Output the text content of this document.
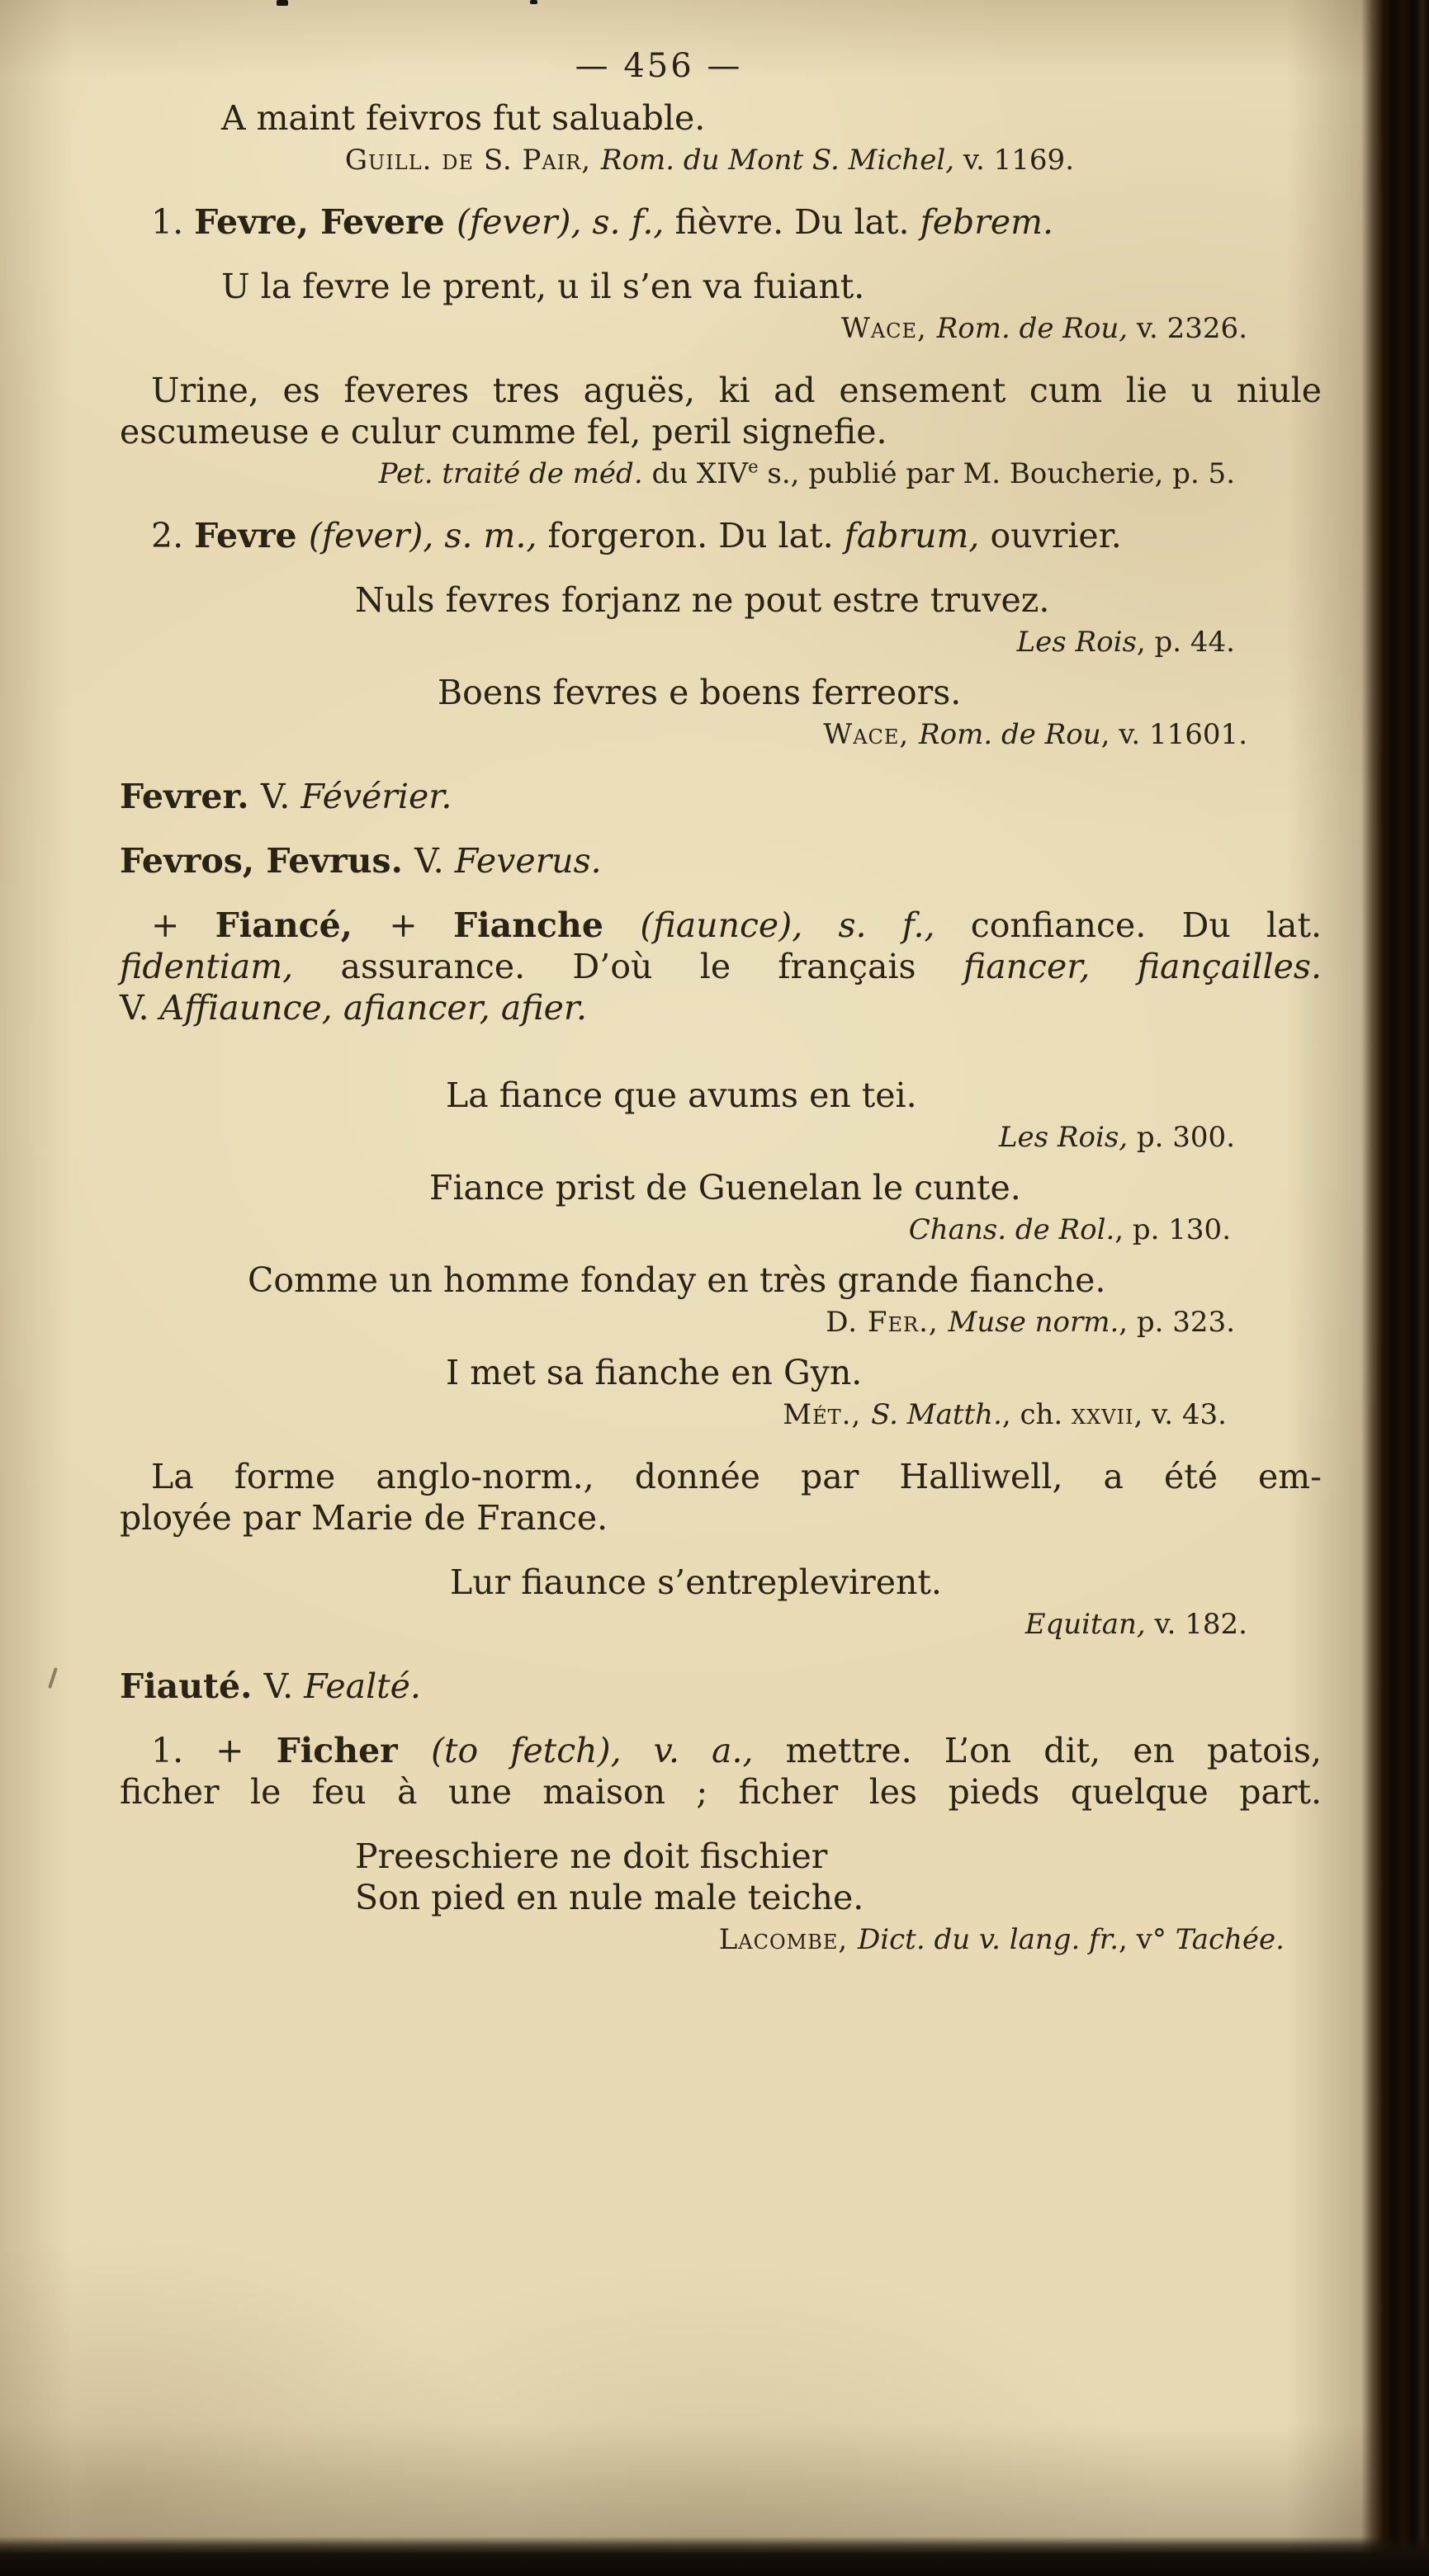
— 456 —
A maint feivros fut saluable.
Guill. de S. Pair, Rom. du Mont S. Michel, v. 1169.

1. Fevre, Fevere (fever), s. f., fièvre. Du lat. febrem.

U la fevre le prent, u il s’en va fuiant.
Wace, Rom. de Rou, v. 2326.
Urine, es feveres tres aguës, ki ad ensement cum lie u niule
escumeuse e culur cumme fel, peril signefie.
Pet. traité de méd. du XIVe s., publié par M. Boucherie, p. 5.

2. Fevre (fever), s. m., forgeron. Du lat. fabrum, ouvrier.

Nuls fevres forjanz ne pout estre truvez.
Les Rois, p. 44.
Boens fevres e boens ferreors.
Wace, Rom. de Rou, v. 11601.

Fevrer. V. Févérier.

Fevros, Fevrus. V. Feverus.

+ Fiancé, + Fianche (fiaunce), s. f., confiance. Du lat.
fidentiam, assurance. D’où le français fiancer, fiançailles.
V. Affiaunce, afiancer, afier.
La fiance que avums en tei.
Les Rois, p. 300.
Fiance prist de Guenelan le cunte.
Chans. de Rol., p. 130.
Comme un homme fonday en très grande fianche.
D. Fer., Muse norm., p. 323.
I met sa fianche en Gyn.
Mét., S. Matth., ch. xxvii, v. 43.
La forme anglo-norm., donnée par Halliwell, a été em-
ployée par Marie de France.
Lur fiaunce s’entreplevirent.
Equitan, v. 182.

Fiauté. V. Fealté.

1. + Ficher (to fetch), v. a., mettre. L’on dit, en patois,
ficher le feu à une maison ; ficher les pieds quelque part.
Preeschiere ne doit fischier
Son pied en nule male teiche.
Lacombe, Dict. du v. lang. fr., v° Tachée.
